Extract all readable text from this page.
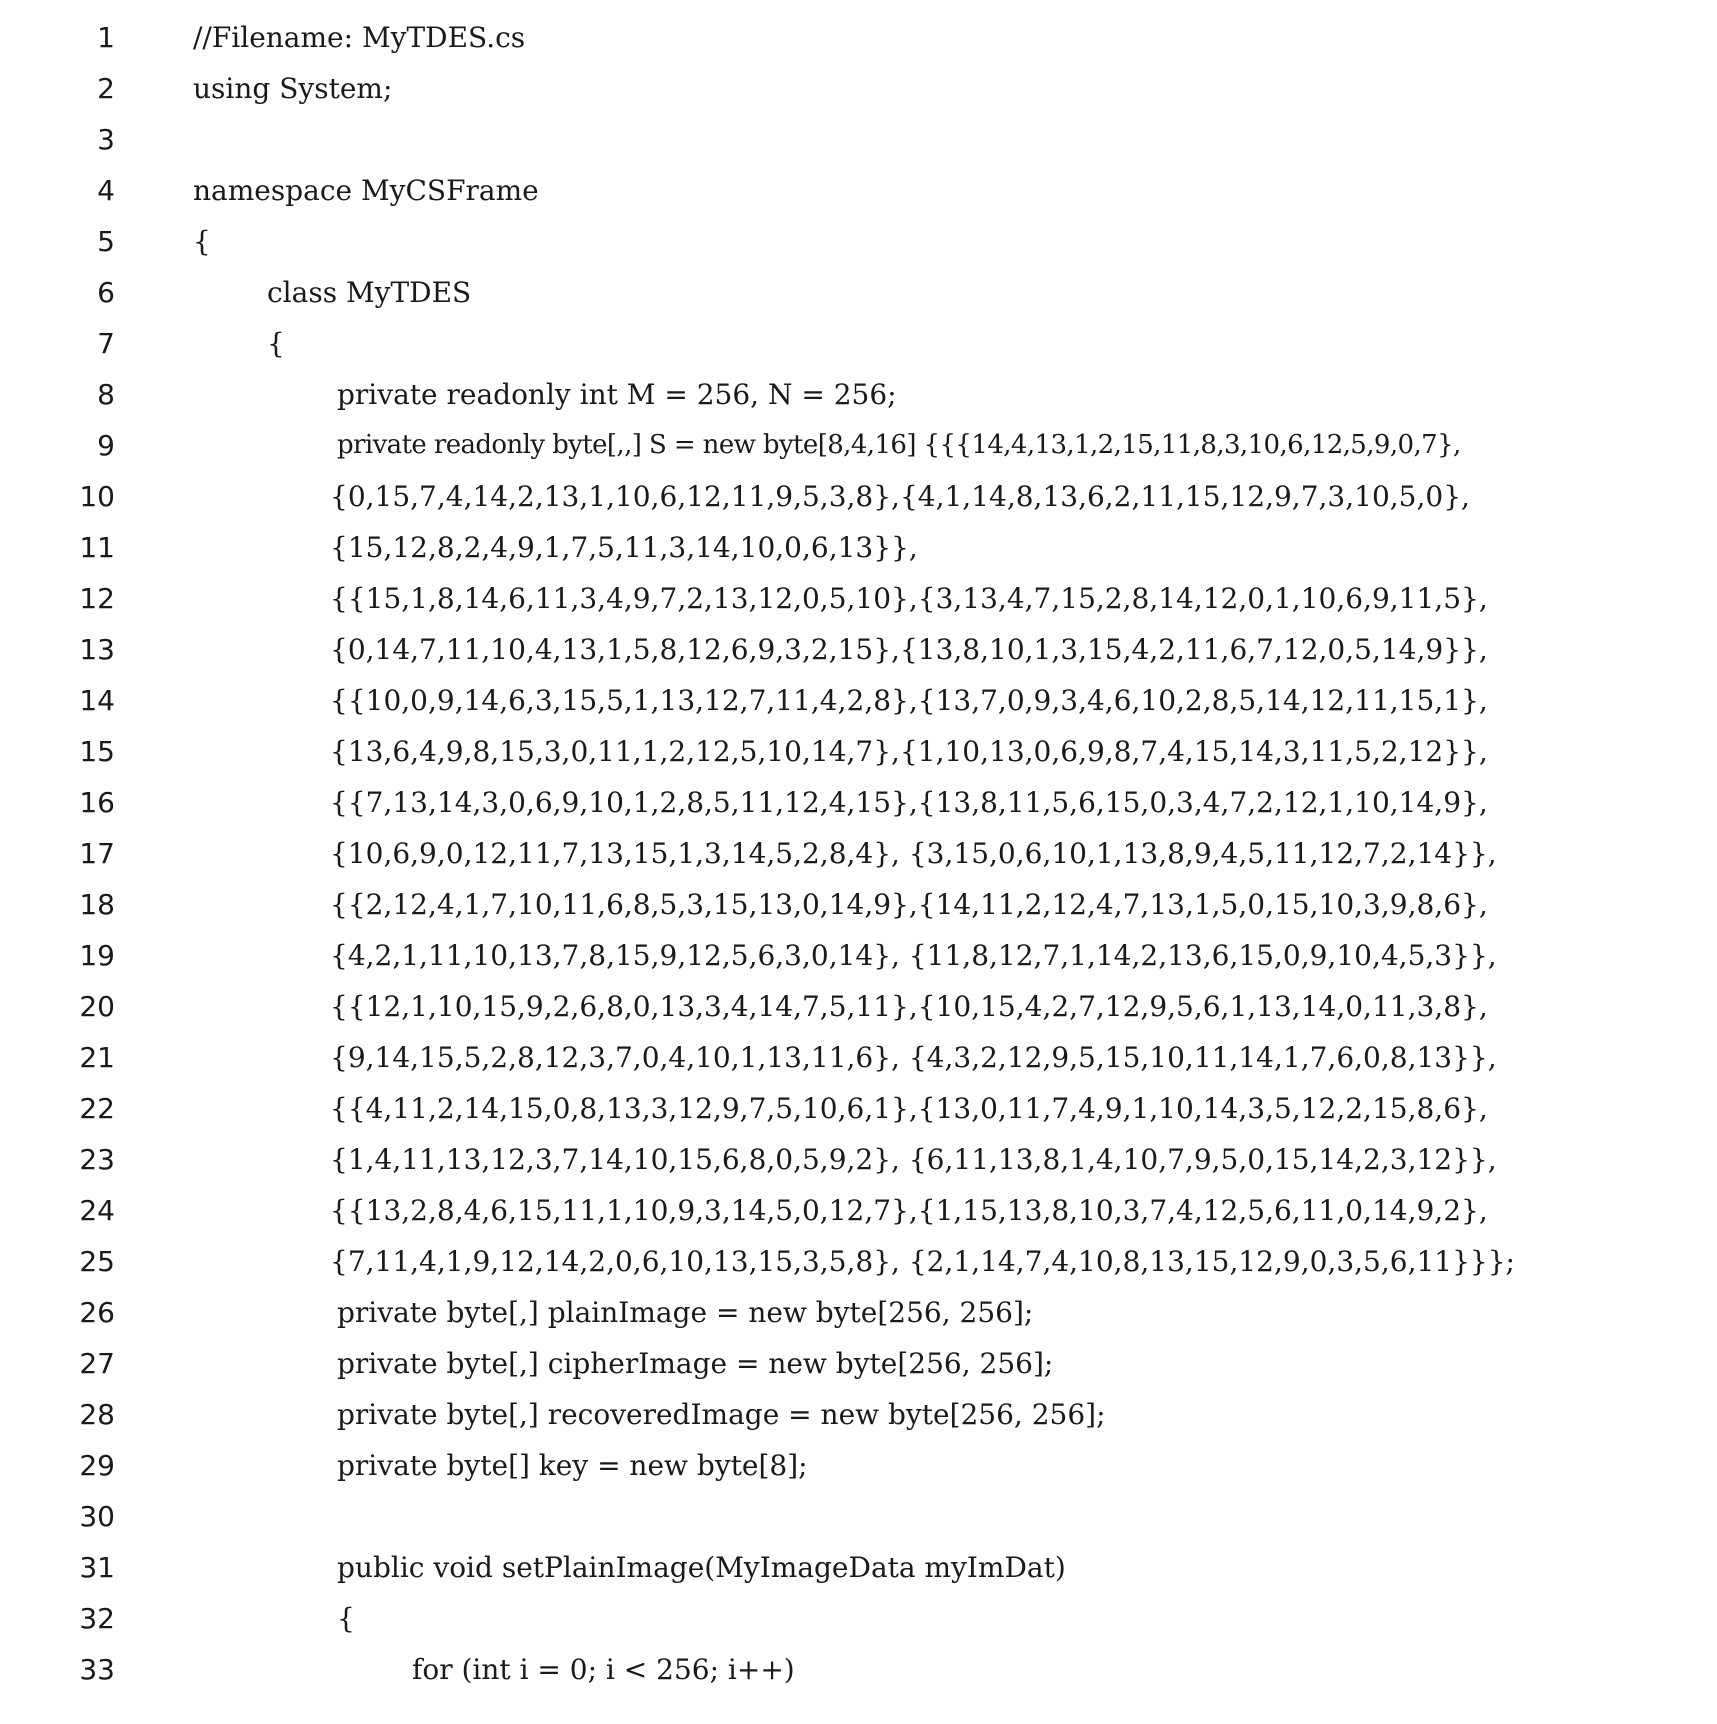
1	//Filename: MyTDES.cs
2	using System;
3
4	namespace MyCSFrame
5	{
6	class MyTDES
7	{
8	private readonly int M = 256, N = 256;
9	private readonly byte[,,] S = new byte[8,4,16] {{{14,4,13,1,2,15,11,8,3,10,6,12,5,9,0,7},
10	{0,15,7,4,14,2,13,1,10,6,12,11,9,5,3,8},{4,1,14,8,13,6,2,11,15,12,9,7,3,10,5,0},
11	{15,12,8,2,4,9,1,7,5,11,3,14,10,0,6,13}},
12	{{15,1,8,14,6,11,3,4,9,7,2,13,12,0,5,10},{3,13,4,7,15,2,8,14,12,0,1,10,6,9,11,5},
13	{0,14,7,11,10,4,13,1,5,8,12,6,9,3,2,15},{13,8,10,1,3,15,4,2,11,6,7,12,0,5,14,9}},
14	{{10,0,9,14,6,3,15,5,1,13,12,7,11,4,2,8},{13,7,0,9,3,4,6,10,2,8,5,14,12,11,15,1},
15	{13,6,4,9,8,15,3,0,11,1,2,12,5,10,14,7},{1,10,13,0,6,9,8,7,4,15,14,3,11,5,2,12}},
16	{{7,13,14,3,0,6,9,10,1,2,8,5,11,12,4,15},{13,8,11,5,6,15,0,3,4,7,2,12,1,10,14,9},
17	{10,6,9,0,12,11,7,13,15,1,3,14,5,2,8,4}, {3,15,0,6,10,1,13,8,9,4,5,11,12,7,2,14}},
18	{{2,12,4,1,7,10,11,6,8,5,3,15,13,0,14,9},{14,11,2,12,4,7,13,1,5,0,15,10,3,9,8,6},
19	{4,2,1,11,10,13,7,8,15,9,12,5,6,3,0,14}, {11,8,12,7,1,14,2,13,6,15,0,9,10,4,5,3}},
20	{{12,1,10,15,9,2,6,8,0,13,3,4,14,7,5,11},{10,15,4,2,7,12,9,5,6,1,13,14,0,11,3,8},
21	{9,14,15,5,2,8,12,3,7,0,4,10,1,13,11,6}, {4,3,2,12,9,5,15,10,11,14,1,7,6,0,8,13}},
22	{{4,11,2,14,15,0,8,13,3,12,9,7,5,10,6,1},{13,0,11,7,4,9,1,10,14,3,5,12,2,15,8,6},
23	{1,4,11,13,12,3,7,14,10,15,6,8,0,5,9,2}, {6,11,13,8,1,4,10,7,9,5,0,15,14,2,3,12}},
24	{{13,2,8,4,6,15,11,1,10,9,3,14,5,0,12,7},{1,15,13,8,10,3,7,4,12,5,6,11,0,14,9,2},
25	{7,11,4,1,9,12,14,2,0,6,10,13,15,3,5,8}, {2,1,14,7,4,10,8,13,15,12,9,0,3,5,6,11}}};
26	private byte[,] plainImage = new byte[256, 256];
27	private byte[,] cipherImage = new byte[256, 256];
28	private byte[,] recoveredImage = new byte[256, 256];
29	private byte[] key = new byte[8];
30
31	public void setPlainImage(MyImageData myImDat)
32	{
33	for (int i = 0; i < 256; i++)
